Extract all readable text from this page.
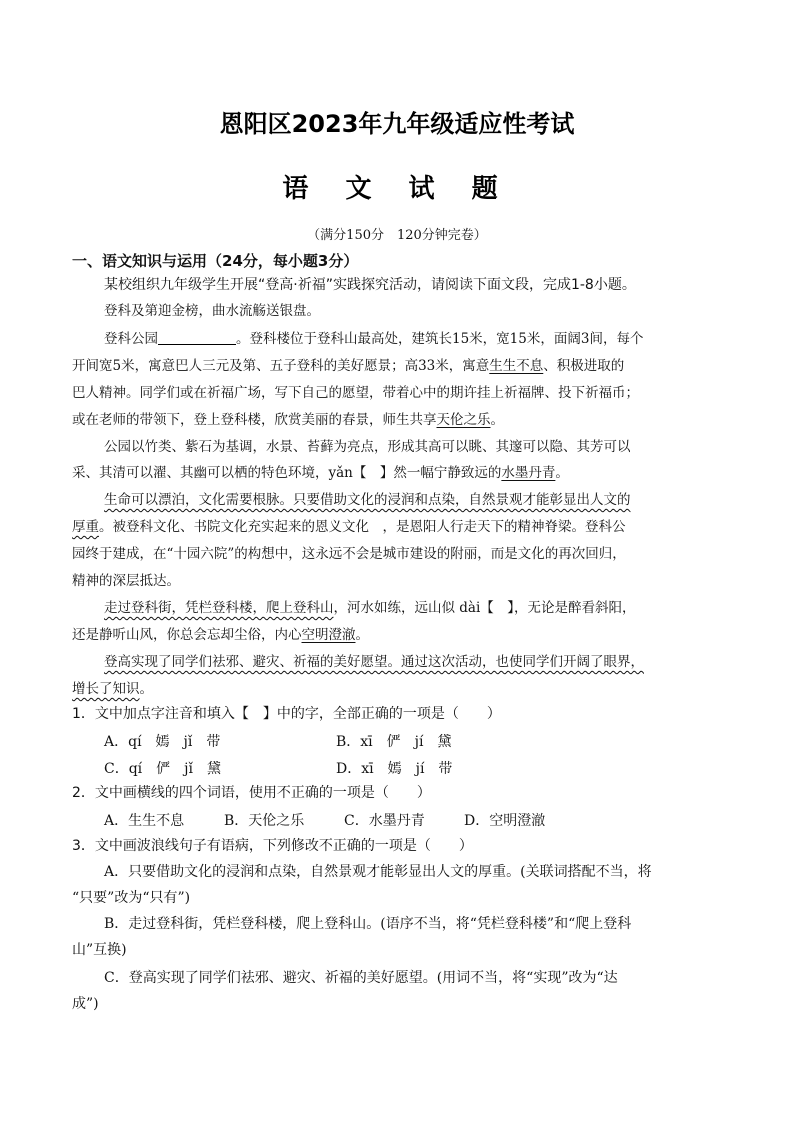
恩阳区2023年九年级适应性考试
语 文 试 题
（满分150分　120分钟完卷）
一、语文知识与运用（24分，每小题3分）
某校组织九年级学生开展“登高·祈福”实践探究活动，请阅读下面文段，完成1-8小题。
登科及第迎金榜，曲水流觞送银盘。
登科公园	。登科楼位于登科山最高处，建筑长15米，宽15米，面阔3间，每个
开间宽5米，寓意巴人三元及第、五子登科的美好愿景；高33米，寓意生生不息、积极进取的
巴人精神。同学们或在祈福广场，写下自己的愿望，带着心中的期许挂上祈福牌、投下祈福币；
或在老师的带领下，登上登科楼，欣赏美丽的春景，师生共享天伦之乐。
公园以竹类、紫石为基调，水景、苔藓为亮点，形成其高可以眺、其邃可以隐、其芳可以
采、其清可以濯、其幽可以栖的特色环境，yǎn【　】然一幅宁静致远的水墨丹青。
生命可以漂泊，文化需要根脉。只要借助文化的浸润和点染，自然景观才能彰显出人文的
厚重。被登科文化、书院文化充实起来的恩义文化　，是恩阳人行走天下的精神脊梁。登科公
园终于建成，在“十园六院”的构想中，这永远不会是城市建设的附丽，而是文化的再次回归，
精神的深层抵达。
走过登科街，凭栏登科楼，爬上登科山，河水如练，远山似 dài【　】，无论是醉看斜阳，
还是静听山风，你总会忘却尘俗，内心空明澄澈。
登高实现了同学们祛邪、避灾、祈福的美好愿望。通过这次活动，也使同学们开阔了眼界，
增长了知识。
1．文中加点字注音和填入【　】中的字，全部正确的一项是（　　）
A．qí　嫣　jǐ　带	B．xī　俨　jí　黛
C．qí　俨　jǐ　黛	D．xī　嫣　jí　带
2．文中画横线的四个词语，使用不正确的一项是（　　）
A．生生不息	B．天伦之乐	C．水墨丹青	D．空明澄澈
3．文中画波浪线句子有语病，下列修改不正确的一项是（　　）
A．只要借助文化的浸润和点染，自然景观才能彰显出人文的厚重。(关联词搭配不当，将
“只要”改为“只有”)
B．走过登科街，凭栏登科楼，爬上登科山。(语序不当，将“凭栏登科楼”和“爬上登科
山”互换)
C．登高实现了同学们祛邪、避灾、祈福的美好愿望。(用词不当，将“实现”改为“达
成”)
